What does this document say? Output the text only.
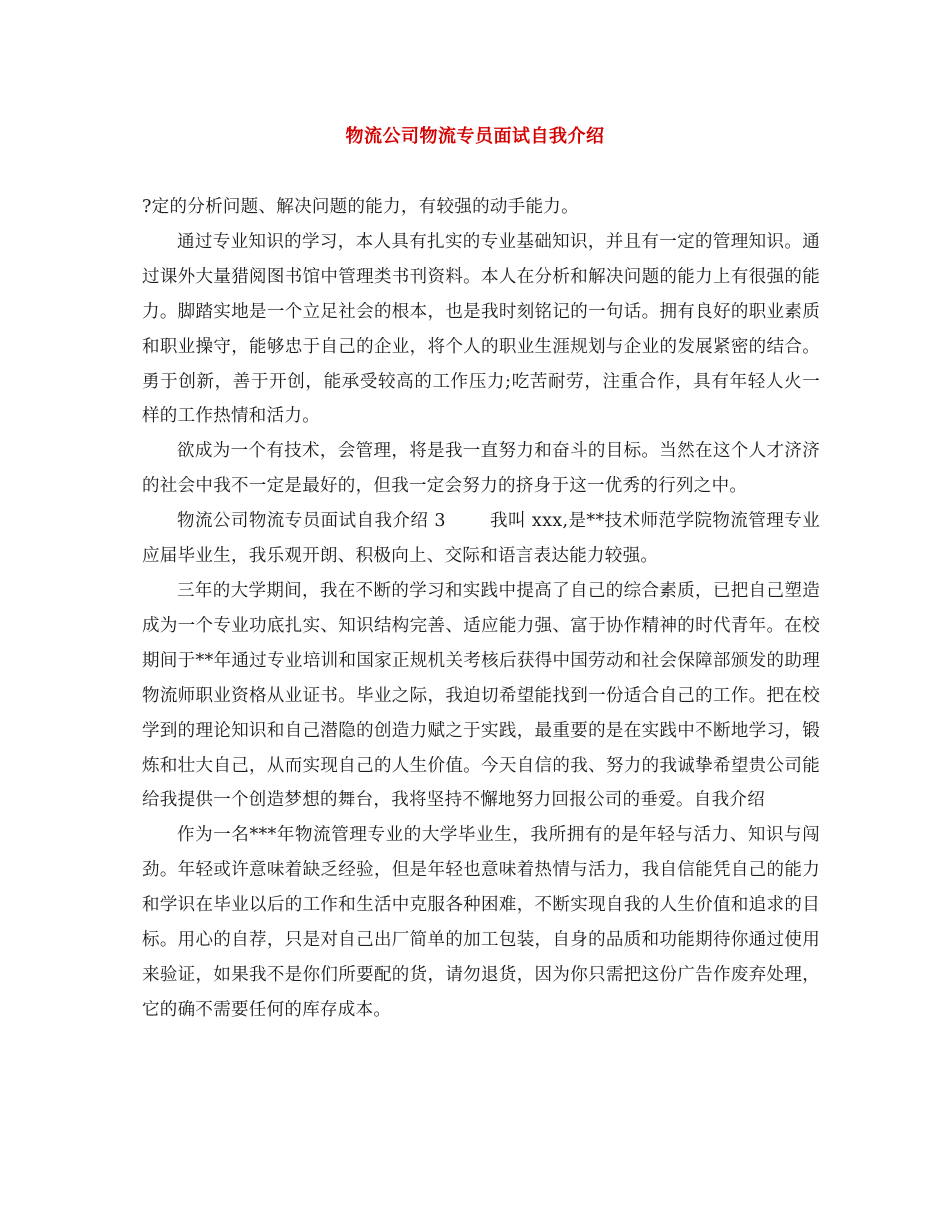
物流公司物流专员面试自我介绍

?定的分析问题、解决问题的能力，有较强的动手能力。

通过专业知识的学习，本人具有扎实的专业基础知识，并且有一定的管理知识。通过课外大量猎阅图书馆中管理类书刊资料。本人在分析和解决问题的能力上有很强的能力。脚踏实地是一个立足社会的根本，也是我时刻铭记的一句话。拥有良好的职业素质和职业操守，能够忠于自己的企业，将个人的职业生涯规划与企业的发展紧密的结合。勇于创新，善于开创，能承受较高的工作压力;吃苦耐劳，注重合作，具有年轻人火一样的工作热情和活力。

欲成为一个有技术，会管理，将是我一直努力和奋斗的目标。当然在这个人才济济的社会中我不一定是最好的，但我一定会努力的挤身于这一优秀的行列之中。

物流公司物流专员面试自我介绍 3	我叫 xxx,是**技术师范学院物流管理专业应届毕业生，我乐观开朗、积极向上、交际和语言表达能力较强。

三年的大学期间，我在不断的学习和实践中提高了自己的综合素质，已把自己塑造成为一个专业功底扎实、知识结构完善、适应能力强、富于协作精神的时代青年。在校期间于**年通过专业培训和国家正规机关考核后获得中国劳动和社会保障部颁发的助理物流师职业资格从业证书。毕业之际，我迫切希望能找到一份适合自己的工作。把在校学到的理论知识和自己潜隐的创造力赋之于实践，最重要的是在实践中不断地学习，锻炼和壮大自己，从而实现自己的人生价值。今天自信的我、努力的我诚挚希望贵公司能给我提供一个创造梦想的舞台，我将坚持不懈地努力回报公司的垂爱。自我介绍

作为一名***年物流管理专业的大学毕业生，我所拥有的是年轻与活力、知识与闯劲。年轻或许意味着缺乏经验，但是年轻也意味着热情与活力，我自信能凭自己的能力和学识在毕业以后的工作和生活中克服各种困难，不断实现自我的人生价值和追求的目标。用心的自荐，只是对自己出厂简单的加工包装，自身的品质和功能期待你通过使用来验证，如果我不是你们所要配的货，请勿退货，因为你只需把这份广告作废弃处理，它的确不需要任何的库存成本。
